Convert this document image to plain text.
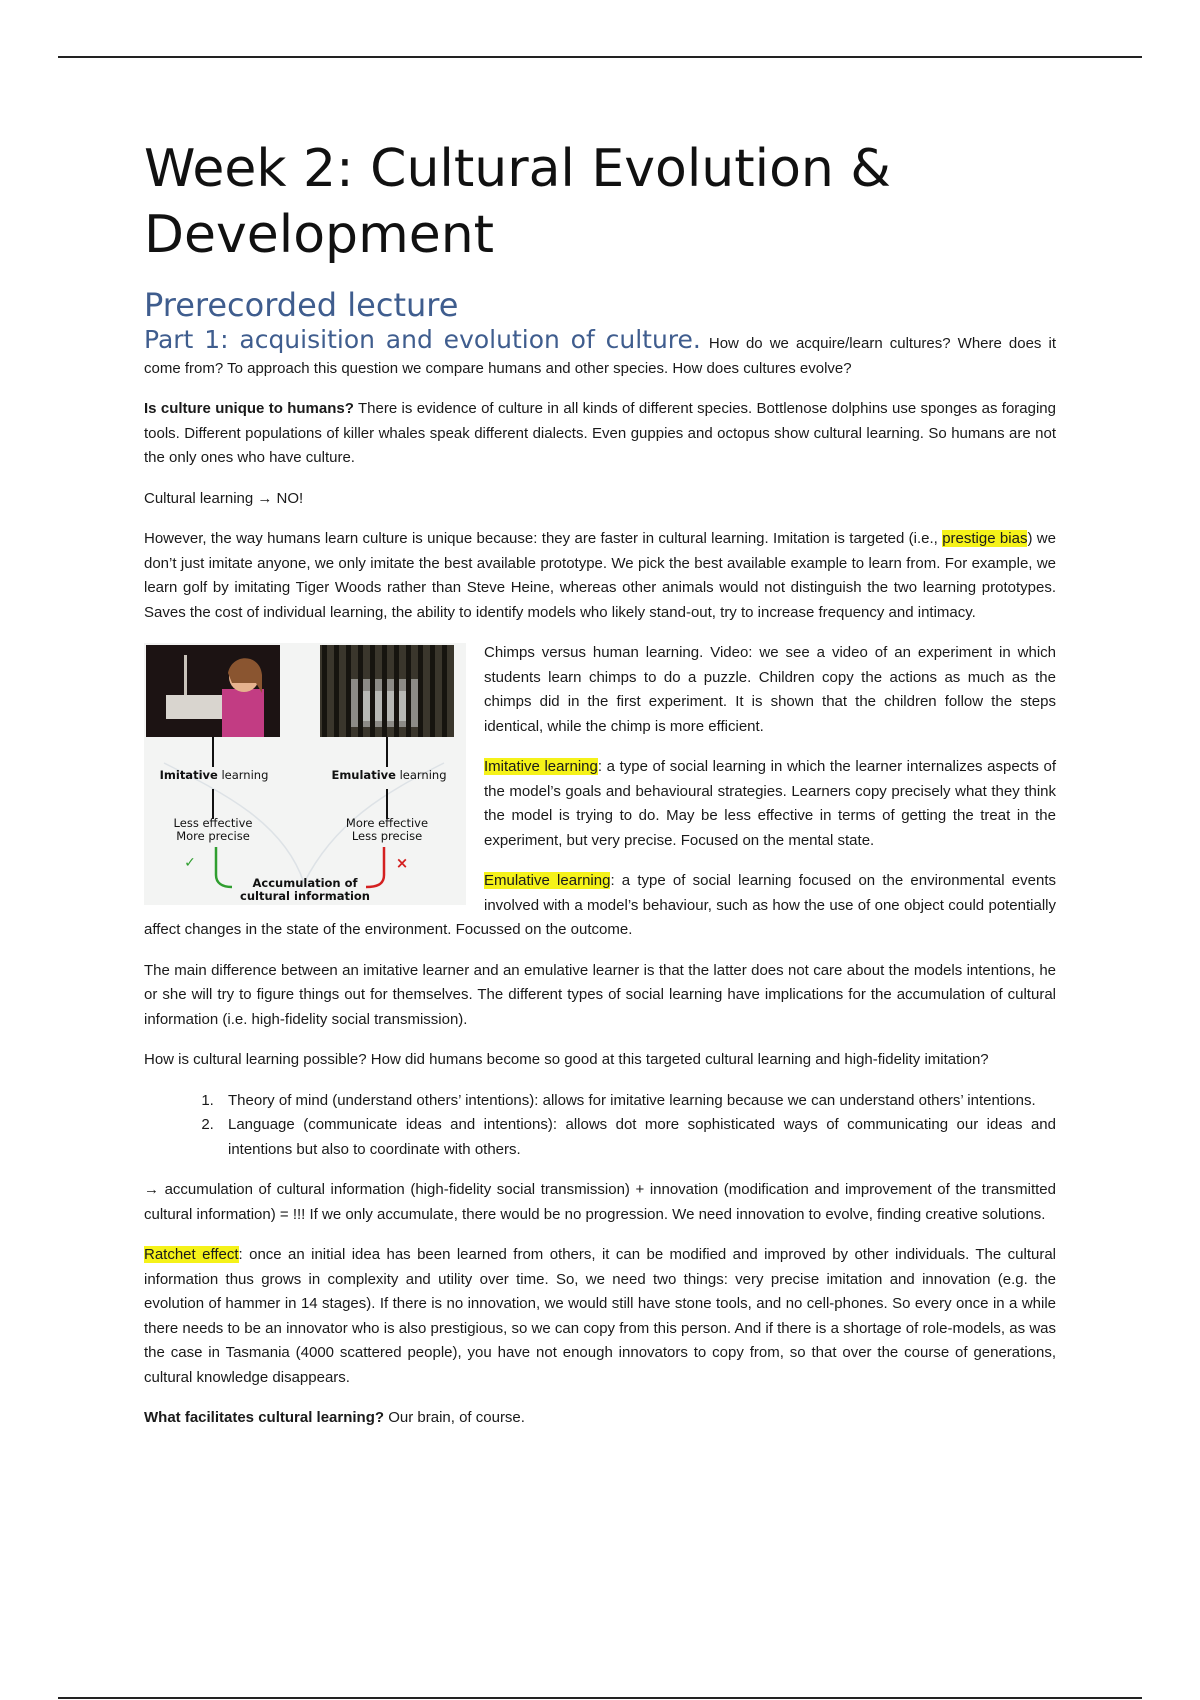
Week 2: Cultural Evolution & Development
Prerecorded lecture

Part 1: acquisition and evolution of culture. How do we acquire/learn cultures? Where does it come from? To approach this question we compare humans and other species. How does cultures evolve?

Is culture unique to humans? There is evidence of culture in all kinds of different species. Bottlenose dolphins use sponges as foraging tools. Different populations of killer whales speak different dialects. Even guppies and octopus show cultural learning. So humans are not the only ones who have culture.

Cultural learning → NO!

However, the way humans learn culture is unique because: they are faster in cultural learning. Imitation is targeted (i.e., prestige bias) we don’t just imitate anyone, we only imitate the best available prototype. We pick the best available example to learn from. For example, we learn golf by imitating Tiger Woods rather than Steve Heine, whereas other animals would not distinguish the two learning prototypes. Saves the cost of individual learning, the ability to identify models who likely stand-out, try to increase frequency and intimacy.

Imitative learning	Emulative learning
Less effective
More precise
More effective
Less precise
✓	×
Accumulation of
cultural information

Chimps versus human learning. Video: we see a video of an experiment in which students learn chimps to do a puzzle. Children copy the actions as much as the chimps did in the first experiment. It is shown that the children follow the steps identical, while the chimp is more efficient.

Imitative learning: a type of social learning in which the learner internalizes aspects of the model’s goals and behavioural strategies. Learners copy precisely what they think the model is trying to do. May be less effective in terms of getting the treat in the experiment, but very precise. Focused on the mental state.

Emulative learning: a type of social learning focused on the environmental events involved with a model’s behaviour, such as how the use of one object could potentially affect changes in the state of the environment. Focussed on the outcome.

The main difference between an imitative learner and an emulative learner is that the latter does not care about the models intentions, he or she will try to figure things out for themselves. The different types of social learning have implications for the accumulation of cultural information (i.e. high-fidelity social transmission).

How is cultural learning possible? How did humans become so good at this targeted cultural learning and high-fidelity imitation?

1. Theory of mind (understand others’ intentions): allows for imitative learning because we can understand others’ intentions.
2. Language (communicate ideas and intentions): allows dot more sophisticated ways of communicating our ideas and intentions but also to coordinate with others.

→ accumulation of cultural information (high-fidelity social transmission) + innovation (modification and improvement of the transmitted cultural information) = !!! If we only accumulate, there would be no progression. We need innovation to evolve, finding creative solutions.

Ratchet effect: once an initial idea has been learned from others, it can be modified and improved by other individuals. The cultural information thus grows in complexity and utility over time. So, we need two things: very precise imitation and innovation (e.g. the evolution of hammer in 14 stages). If there is no innovation, we would still have stone tools, and no cell-phones. So every once in a while there needs to be an innovator who is also prestigious, so we can copy from this person. And if there is a shortage of role-models, as was the case in Tasmania (4000 scattered people), you have not enough innovators to copy from, so that over the course of generations, cultural knowledge disappears.

What facilitates cultural learning? Our brain, of course.
